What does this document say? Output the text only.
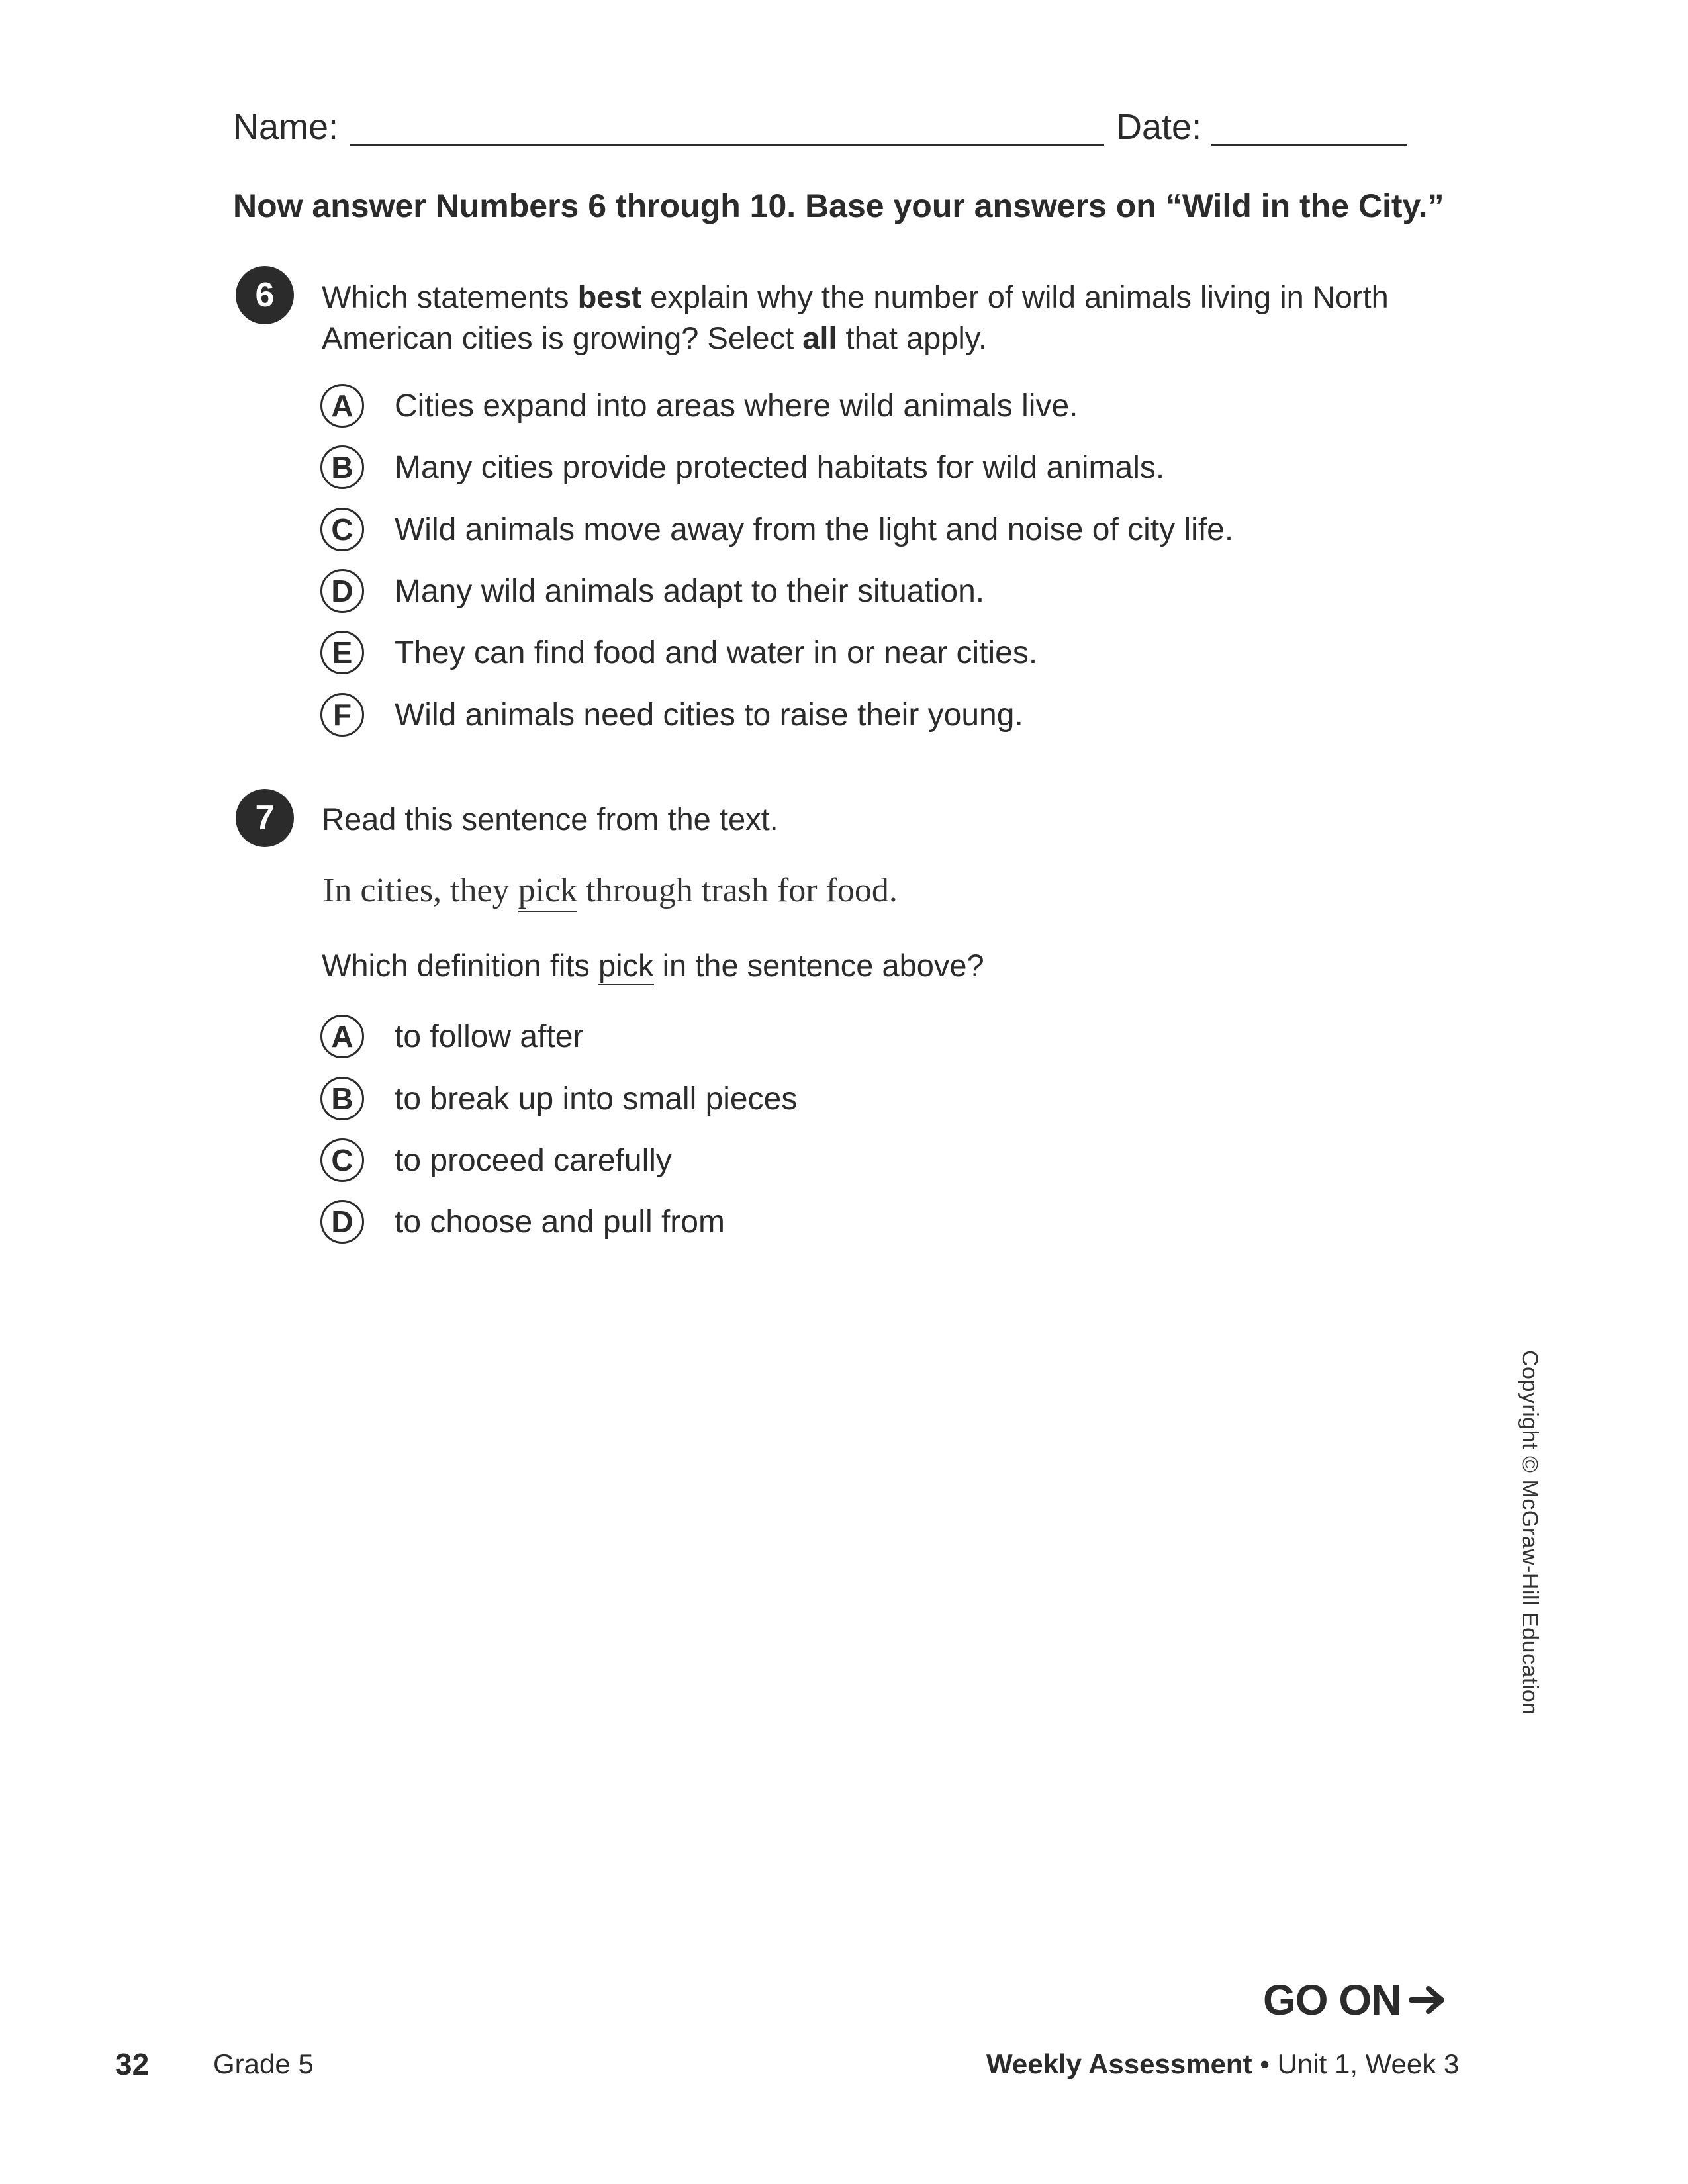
Name:	Date:
Now answer Numbers 6 through 10. Base your answers on “Wild in the City.”
6	Which statements best explain why the number of wild animals living in North
American cities is growing? Select all that apply.
A	Cities expand into areas where wild animals live.
B	Many cities provide protected habitats for wild animals.
C	Wild animals move away from the light and noise of city life.
D	Many wild animals adapt to their situation.
E	They can find food and water in or near cities.
F	Wild animals need cities to raise their young.
7	Read this sentence from the text.
In cities, they pick through trash for food.
Which definition fits pick in the sentence above?
A	to follow after
B	to break up into small pieces
C	to proceed carefully
D	to choose and pull from
Copyright © McGraw-Hill Education
GO ON
32 Grade 5	Weekly Assessment • Unit 1, Week 3
